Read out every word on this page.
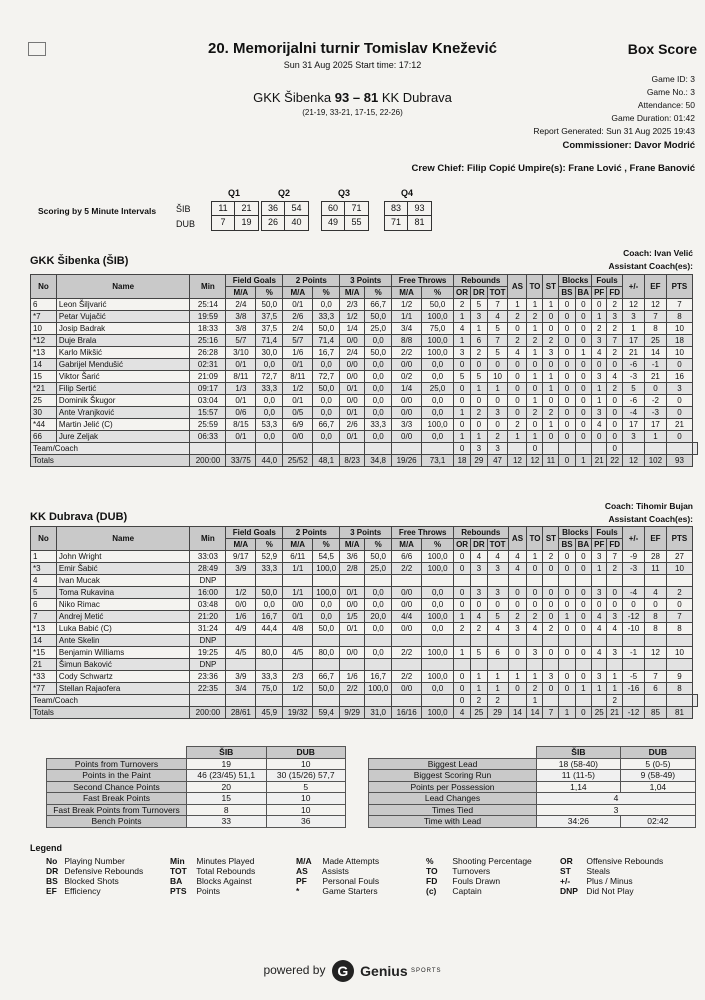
20. Memorijalni turnir Tomislav Knežević	Box Score
Sun 31 Aug 2025 Start time: 17:12
Game ID: 3
Game No.: 3
Attendance: 50
Game Duration: 01:42
Report Generated: Sun 31 Aug 2025 19:43
Commissioner: Davor Modrić
GKK Šibenka 93 – 81 KK Dubrava
(21-19, 33-21, 17-15, 22-26)
Crew Chief: Filip Copić Umpire(s): Frane Lović , Frane Banović
Scoring by 5 Minute Intervals ŠIB
DUB
Q1
11	21
7	19
Q2
36	54
26	40
Q3
60	71
49	55
Q4
83	93
71	81
GKK Šibenka (ŠIB)
Coach: Ivan Velić
Assistant Coach(es):
No	Name	Min	Field Goals		2 Points		3 Points		Free Throws		Rebounds			AS	TO	ST	Blocks		Fouls		+/-	EF	PTS	
			M/A	%	M/A	%	M/A	%	M/A	%	OR	DR	TOT				BS	BA	PF	FD				
6	Leon Šiljvarić	25:14	2/4	50,0	0/1	0,0	2/3	66,7	1/2	50,0	2	5	7	1	1	1	0	0	0	2	12	12	7	
*7	Petar Vujačić	19:59	3/8	37,5	2/6	33,3	1/2	50,0	1/1	100,0	1	3	4	2	2	0	0	0	1	3	3	7	8	
10	Josip Badrak	18:33	3/8	37,5	2/4	50,0	1/4	25,0	3/4	75,0	4	1	5	0	1	0	0	0	2	2	1	8	10	
*12	Duje Brala	25:16	5/7	71,4	5/7	71,4	0/0	0,0	8/8	100,0	1	6	7	2	2	2	0	0	3	7	17	25	18	
*13	Karlo Mikšić	26:28	3/10	30,0	1/6	16,7	2/4	50,0	2/2	100,0	3	2	5	4	1	3	0	1	4	2	21	14	10	
14	Gabrijel Mendušić	02:31	0/1	0,0	0/1	0,0	0/0	0,0	0/0	0,0	0	0	0	0	0	0	0	0	0	0	-6	-1	0	
15	Viktor Šarić	21:09	8/11	72,7	8/11	72,7	0/0	0,0	0/2	0,0	5	5	10	0	1	1	0	0	3	4	-3	21	16	
*21	Filip Sertić	09:17	1/3	33,3	1/2	50,0	0/1	0,0	1/4	25,0	0	1	1	0	0	1	0	0	1	2	5	0	3	
25	Dominik Škugor	03:04	0/1	0,0	0/1	0,0	0/0	0,0	0/0	0,0	0	0	0	0	1	0	0	0	1	0	-6	-2	0	
30	Ante Vranjković	15:57	0/6	0,0	0/5	0,0	0/1	0,0	0/0	0,0	1	2	3	0	2	2	0	0	3	0	-4	-3	0	
*44	Martin Jelić (C)	25:59	8/15	53,3	6/9	66,7	2/6	33,3	3/3	100,0	0	0	0	2	0	1	0	0	4	0	17	17	21	
66	Jure Zeljak	06:33	0/1	0,0	0/0	0,0	0/1	0,0	0/0	0,0	1	1	2	1	1	0	0	0	0	0	3	1	0	
Team/Coach											0	3	3		0					0				
Totals		200:00	33/75	44,0	25/52	48,1	8/23	34,8	19/26	73,1	18	29	47	12	12	11	0	1	21	22	12	102	93	
KK Dubrava (DUB)
Coach: Tihomir Bujan
Assistant Coach(es):
No	Name	Min	Field Goals		2 Points		3 Points		Free Throws		Rebounds			AS	TO	ST	Blocks		Fouls		+/-	EF	PTS	
			M/A	%	M/A	%	M/A	%	M/A	%	OR	DR	TOT				BS	BA	PF	FD				
1	John Wright	33:03	9/17	52,9	6/11	54,5	3/6	50,0	6/6	100,0	0	4	4	4	1	2	0	0	3	7	-9	28	27	
*3	Emir Šabić	28:49	3/9	33,3	1/1	100,0	2/8	25,0	2/2	100,0	0	3	3	4	0	0	0	0	1	2	-3	11	10	
4	Ivan Mucak	DNP																						
5	Toma Rukavina	16:00	1/2	50,0	1/1	100,0	0/1	0,0	0/0	0,0	0	3	3	0	0	0	0	0	3	0	-4	4	2	
6	Niko Rimac	03:48	0/0	0,0	0/0	0,0	0/0	0,0	0/0	0,0	0	0	0	0	0	0	0	0	0	0	0	0	0	
7	Andrej Metić	21:20	1/6	16,7	0/1	0,0	1/5	20,0	4/4	100,0	1	4	5	2	2	0	1	0	4	3	-12	8	7	
*13	Luka Babić (C)	31:24	4/9	44,4	4/8	50,0	0/1	0,0	0/0	0,0	2	2	4	3	4	2	0	0	4	4	-10	8	8	
14	Ante Skelin	DNP																						
*15	Benjamin Williams	19:25	4/5	80,0	4/5	80,0	0/0	0,0	2/2	100,0	1	5	6	0	3	0	0	0	4	3	-1	12	10	
21	Šimun Baković	DNP																						
*33	Cody Schwartz	23:36	3/9	33,3	2/3	66,7	1/6	16,7	2/2	100,0	0	1	1	1	1	3	0	0	3	1	-5	7	9	
*77	Stellan Rajaofera	22:35	3/4	75,0	1/2	50,0	2/2	100,0	0/0	0,0	0	1	1	0	2	0	0	1	1	1	-16	6	8	
Team/Coach											0	2	2		1					2				
Totals		200:00	28/61	45,9	19/32	59,4	9/29	31,0	16/16	100,0	4	25	29	14	14	7	1	0	25	21	-12	85	81	
	ŠIB	DUB
Points from Turnovers	19	10
Points in the Paint	46 (23/45) 51,1	30 (15/26) 57,7
Second Chance Points	20	5
Fast Break Points	15	10
Fast Break Points from Turnovers	8	10
Bench Points	33	36
	ŠIB	DUB
Biggest Lead	18 (58-40)	5 (0-5)
Biggest Scoring Run	11 (11-5)	9 (58-49)
Points per Possession	1,14	1,04
Lead Changes	4	
Times Tied	3	
Time with Lead	34:26	02:42
Legend
No Playing Number
DR Defensive Rebounds
BS Blocked Shots
EF Efficiency
Min Minutes Played
TOT Total Rebounds
BA Blocks Against
PTS Points
M/A Made Attempts
AS Assists
PF Personal Fouls
*	Game Starters
% Shooting Percentage
TO Turnovers
FD Fouls Drawn
(c) Captain
OR Offensive Rebounds
ST Steals
+/- Plus / Minus
DNP Did Not Play
powered by G Genius SPORTS
